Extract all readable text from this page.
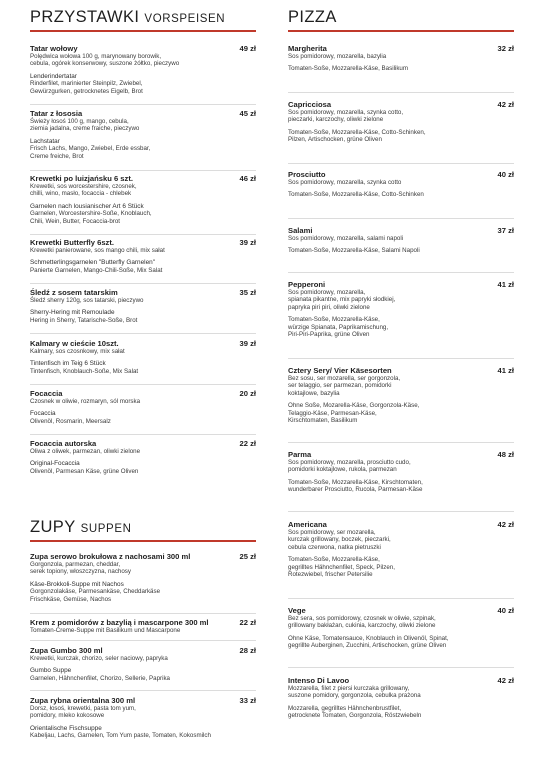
PRZYSTAWKI VORSPEISEN
Tatar wołowy	49 zł
Polędwica wołowa 100 g, marynowany borowik,
cebula, ogórek konserwowy, suszone żółtko, pieczywo
Lenderindertatar
Rinderfilet, marinierter Steinpilz, Zwiebel,
Gewürzgurken, getrocknetes Eigelb, Brot
Tatar z łososia	45 zł
Świeży łosoś 100 g, mango, cebula,
ziemia jadalna, creme fraiche, pieczywo
Lachstatar
Frisch Lachs, Mango, Zwiebel, Erde essbar,
Creme freiche, Brot
Krewetki po luizjańsku 6 szt.	46 zł
Krewetki, sos worcestershire, czosnek,
chilli, wino, masło, focaccia - chlebek
Garnelen nach lousianischer Art 6 Stück
Garnelen, Worcestershire-Soße, Knoblauch,
Chili, Wein, Butter, Focaccia-brot
Krewetki Butterfly 6szt.	39 zł
Krewetki panierowane, sos mango chili, mix sałat
Schmetterlingsgarnelen "Butterfly Garnelen"
Panierte Garnelen, Mango-Chili-Soße, Mix Salat
Śledź z sosem tatarskim	35 zł
Śledź sherry 120g, sos tatarski, pieczywo
Sherry-Hering mit Remoulade
Hering in Sherry, Tatarische-Soße, Brot
Kalmary w cieście 10szt.	39 zł
Kalmary, sos czosnkowy, mix sałat
Tintenfisch im Teig 6 Stück
Tintenfisch, Knoblauch-Soße, Mix Salat
Focaccia	20 zł
Czosnek w oliwie, rozmaryn, sól morska
Focaccia
Olivenöl, Rosmarin, Meersalz
Focaccia autorska	22 zł
Oliwa z oliwek, parmezan, oliwki zielone
Original-Focaccia
Olivenöl, Parmesan Käse, grüne Oliven
ZUPY SUPPEN
Zupa serowo brokułowa z nachosami 300 ml	25 zł
Gorgonzola, parmezan, cheddar,
serek topiony, włoszczyzna, nachosy
Käse-Brokkoli-Suppe mit Nachos
Gorgonzolakäse, Parmesankäse, Cheddarkäse
Frischkäse, Gemüse, Nachos
Krem z pomidorów z bazylią i mascarpone 300 ml	22 zł
Tomaten-Creme-Suppe mit Basilikum und Mascarpone
Zupa Gumbo 300 ml	28 zł
Krewetki, kurczak, chorizo, seler naciowy, papryka
Gumbo Suppe
Garnelen, Hähnchenfilet, Chorizo, Sellerie, Paprika
Zupa rybna orientalna 300 ml	33 zł
Dorsz, łosoś, krewetki, pasta tom yum,
pomidory, mleko kokosowe
Orientalische Fischsuppe
Kabeljau, Lachs, Garnelen, Tom Yum paste, Tomaten, Kokosmilch
PIZZA
Margherita	32 zł
Sos pomidorowy, mozarella, bazylia
Tomaten-Soße, Mozzarella-Käse, Basilikum
Capricciosa	42 zł
Sos pomidorowy, mozarella, szynka cotto,
pieczarki, karczochy, oliwki zielone
Tomaten-Soße, Mozzarella-Käse, Cotto-Schinken,
Pilzen, Artischocken, grüne Oliven
Prosciutto	40 zł
Sos pomidorowy, mozarella, szynka cotto
Tomaten-Soße, Mozzarella-Käse, Cotto-Schinken
Salami	37 zł
Sos pomidorowy, mozarella, salami napoli
Tomaten-Soße, Mozzarella-Käse, Salami Napoli
Pepperoni	41 zł
Sos pomidorowy, mozarella,
spianata pikantne, mix papryki słodkiej,
papryka piri piri, oliwki zielone
Tomaten-Soße, Mozzarella-Käse,
würzige Spianata, Paprikamischung,
Piri-Piri-Paprika, grüne Oliven
Cztery Sery/ Vier Käsesorten	41 zł
Bez sosu, ser mozarella, ser gorgonzola,
ser telaggio, ser parmezan, pomidorki
koktajlowe, bazylia
Ohne Soße, Mozarella-Käse, Gorgonzola-Käse,
Telaggio-Käse, Parmesan-Käse,
Kirschtomaten, Basilikum
Parma	48 zł
Sos pomidorowy, mozarella, prosciutto cudo,
pomidorki koktajlowe, rukola, parmezan
Tomaten-Soße, Mozzarella-Käse, Kirschtomaten,
wunderbarer Prosciutto, Rucola, Parmesan-Käse
Americana	42 zł
Sos pomidorowy, ser mozarella,
kurczak grillowany, boczek, pieczarki,
cebula czerwona, natka pietruszki
Tomaten-Soße, Mozzarella-Käse,
gegrilltes Hähnchenfilet, Speck, Pilzen,
Rotezwiebel, frischer Petersilie
Vege	40 zł
Bez sera, sos pomidorowy, czosnek w oliwie, szpinak,
grillowany bakłażan, cukinia, karczochy, oliwki zielone
Ohne Käse, Tomatensauce, Knoblauch in Olivenöl, Spinat,
gegrillte Auberginen, Zucchini, Artischocken, grüne Oliven
Intenso Di Lavoo	42 zł
Mozzarella, filet z piersi kurczaka grillowany,
suszone pomidory, gorgonzola, cebulka prażona
Mozzarella, gegrilltes Hähnchenbrustfilet,
getrocknete Tomaten, Gorgonzola, Röstzwiebeln
